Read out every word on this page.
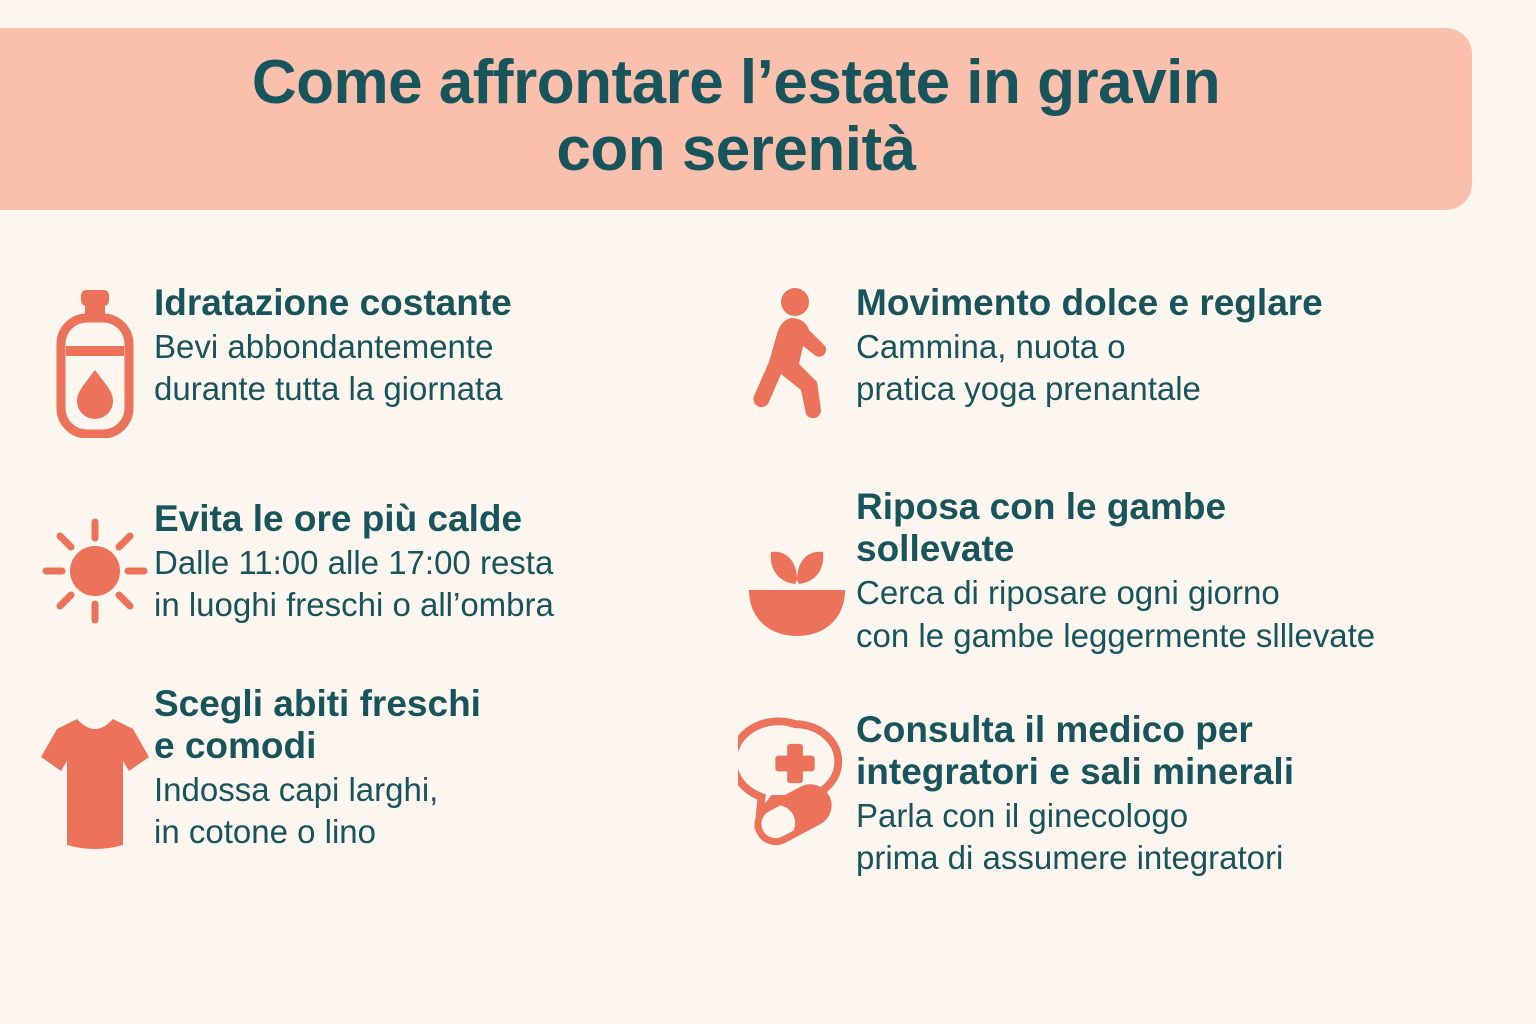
Come affrontare l’estate in gravin
con serenità
Idratazione costante
Bevi abbondantemente
durante tutta la giornata
Evita le ore più calde
Dalle 11:00 alle 17:00 resta
in luoghi freschi o all’ombra
Scegli abiti freschi
e comodi
Indossa capi larghi,
in cotone o lino
Movimento dolce e reglare
Cammina, nuota o
pratica yoga prenantale
Riposa con le gambe
sollevate
Cerca di riposare ogni giorno
con le gambe leggermente slllevate
Consulta il medico per
integratori e sali minerali
Parla con il ginecologo
prima di assumere integratori
